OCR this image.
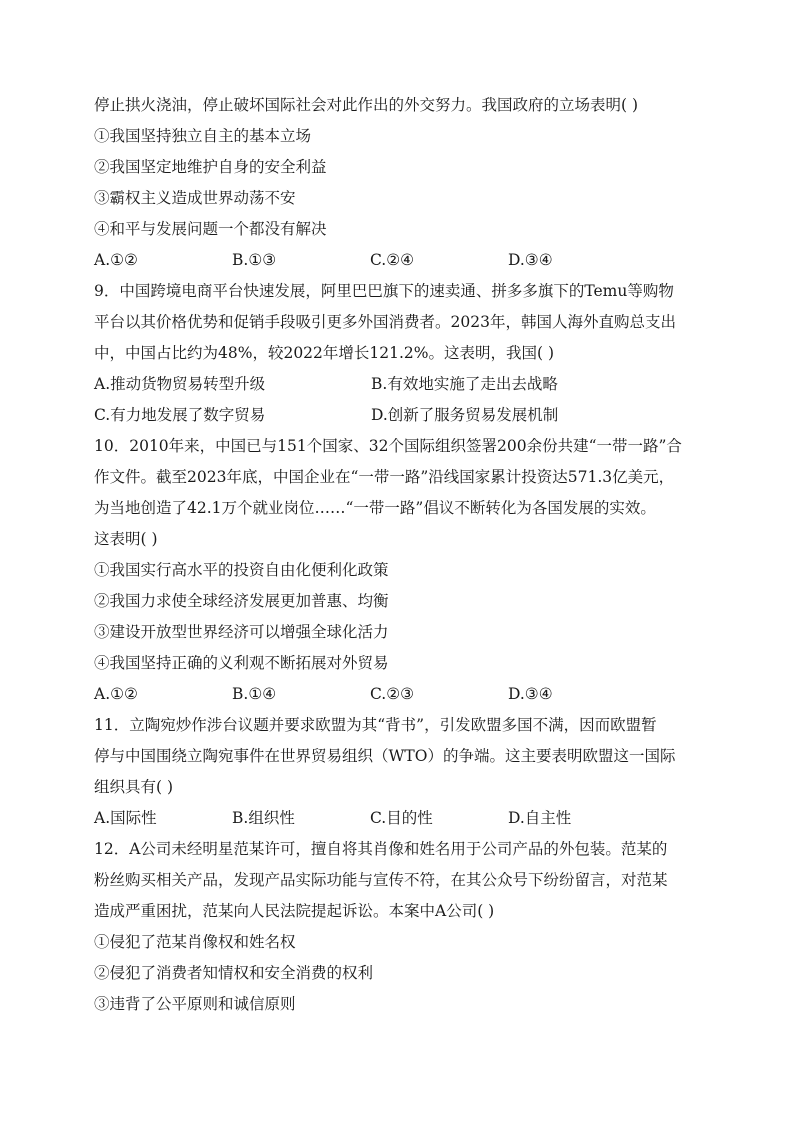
停止拱火浇油，停止破坏国际社会对此作出的外交努力。我国政府的立场表明( )
①我国坚持独立自主的基本立场
②我国坚定地维护自身的安全利益
③霸权主义造成世界动荡不安
④和平与发展问题一个都没有解决
A.①②	B.①③	C.②④	D.③④
9．中国跨境电商平台快速发展，阿里巴巴旗下的速卖通、拼多多旗下的Temu等购物
平台以其价格优势和促销手段吸引更多外国消费者。2023年，韩国人海外直购总支出
中，中国占比约为48%，较2022年增长121.2%。这表明，我国( )
A.推动货物贸易转型升级	B.有效地实施了走出去战略
C.有力地发展了数字贸易	D.创新了服务贸易发展机制
10．2010年来，中国已与151个国家、32个国际组织签署200余份共建“一带一路”合
作文件。截至2023年底，中国企业在“一带一路”沿线国家累计投资达571.3亿美元，
为当地创造了42.1万个就业岗位……“一带一路”倡议不断转化为各国发展的实效。
这表明( )
①我国实行高水平的投资自由化便利化政策
②我国力求使全球经济发展更加普惠、均衡
③建设开放型世界经济可以增强全球化活力
④我国坚持正确的义利观不断拓展对外贸易
A.①②	B.①④	C.②③	D.③④
11．立陶宛炒作涉台议题并要求欧盟为其“背书”，引发欧盟多国不满，因而欧盟暂
停与中国围绕立陶宛事件在世界贸易组织（WTO）的争端。这主要表明欧盟这一国际
组织具有( )
A.国际性	B.组织性	C.目的性	D.自主性
12．A公司未经明星范某许可，擅自将其肖像和姓名用于公司产品的外包装。范某的
粉丝购买相关产品，发现产品实际功能与宣传不符，在其公众号下纷纷留言，对范某
造成严重困扰，范某向人民法院提起诉讼。本案中A公司( )
①侵犯了范某肖像权和姓名权
②侵犯了消费者知情权和安全消费的权利
③违背了公平原则和诚信原则
